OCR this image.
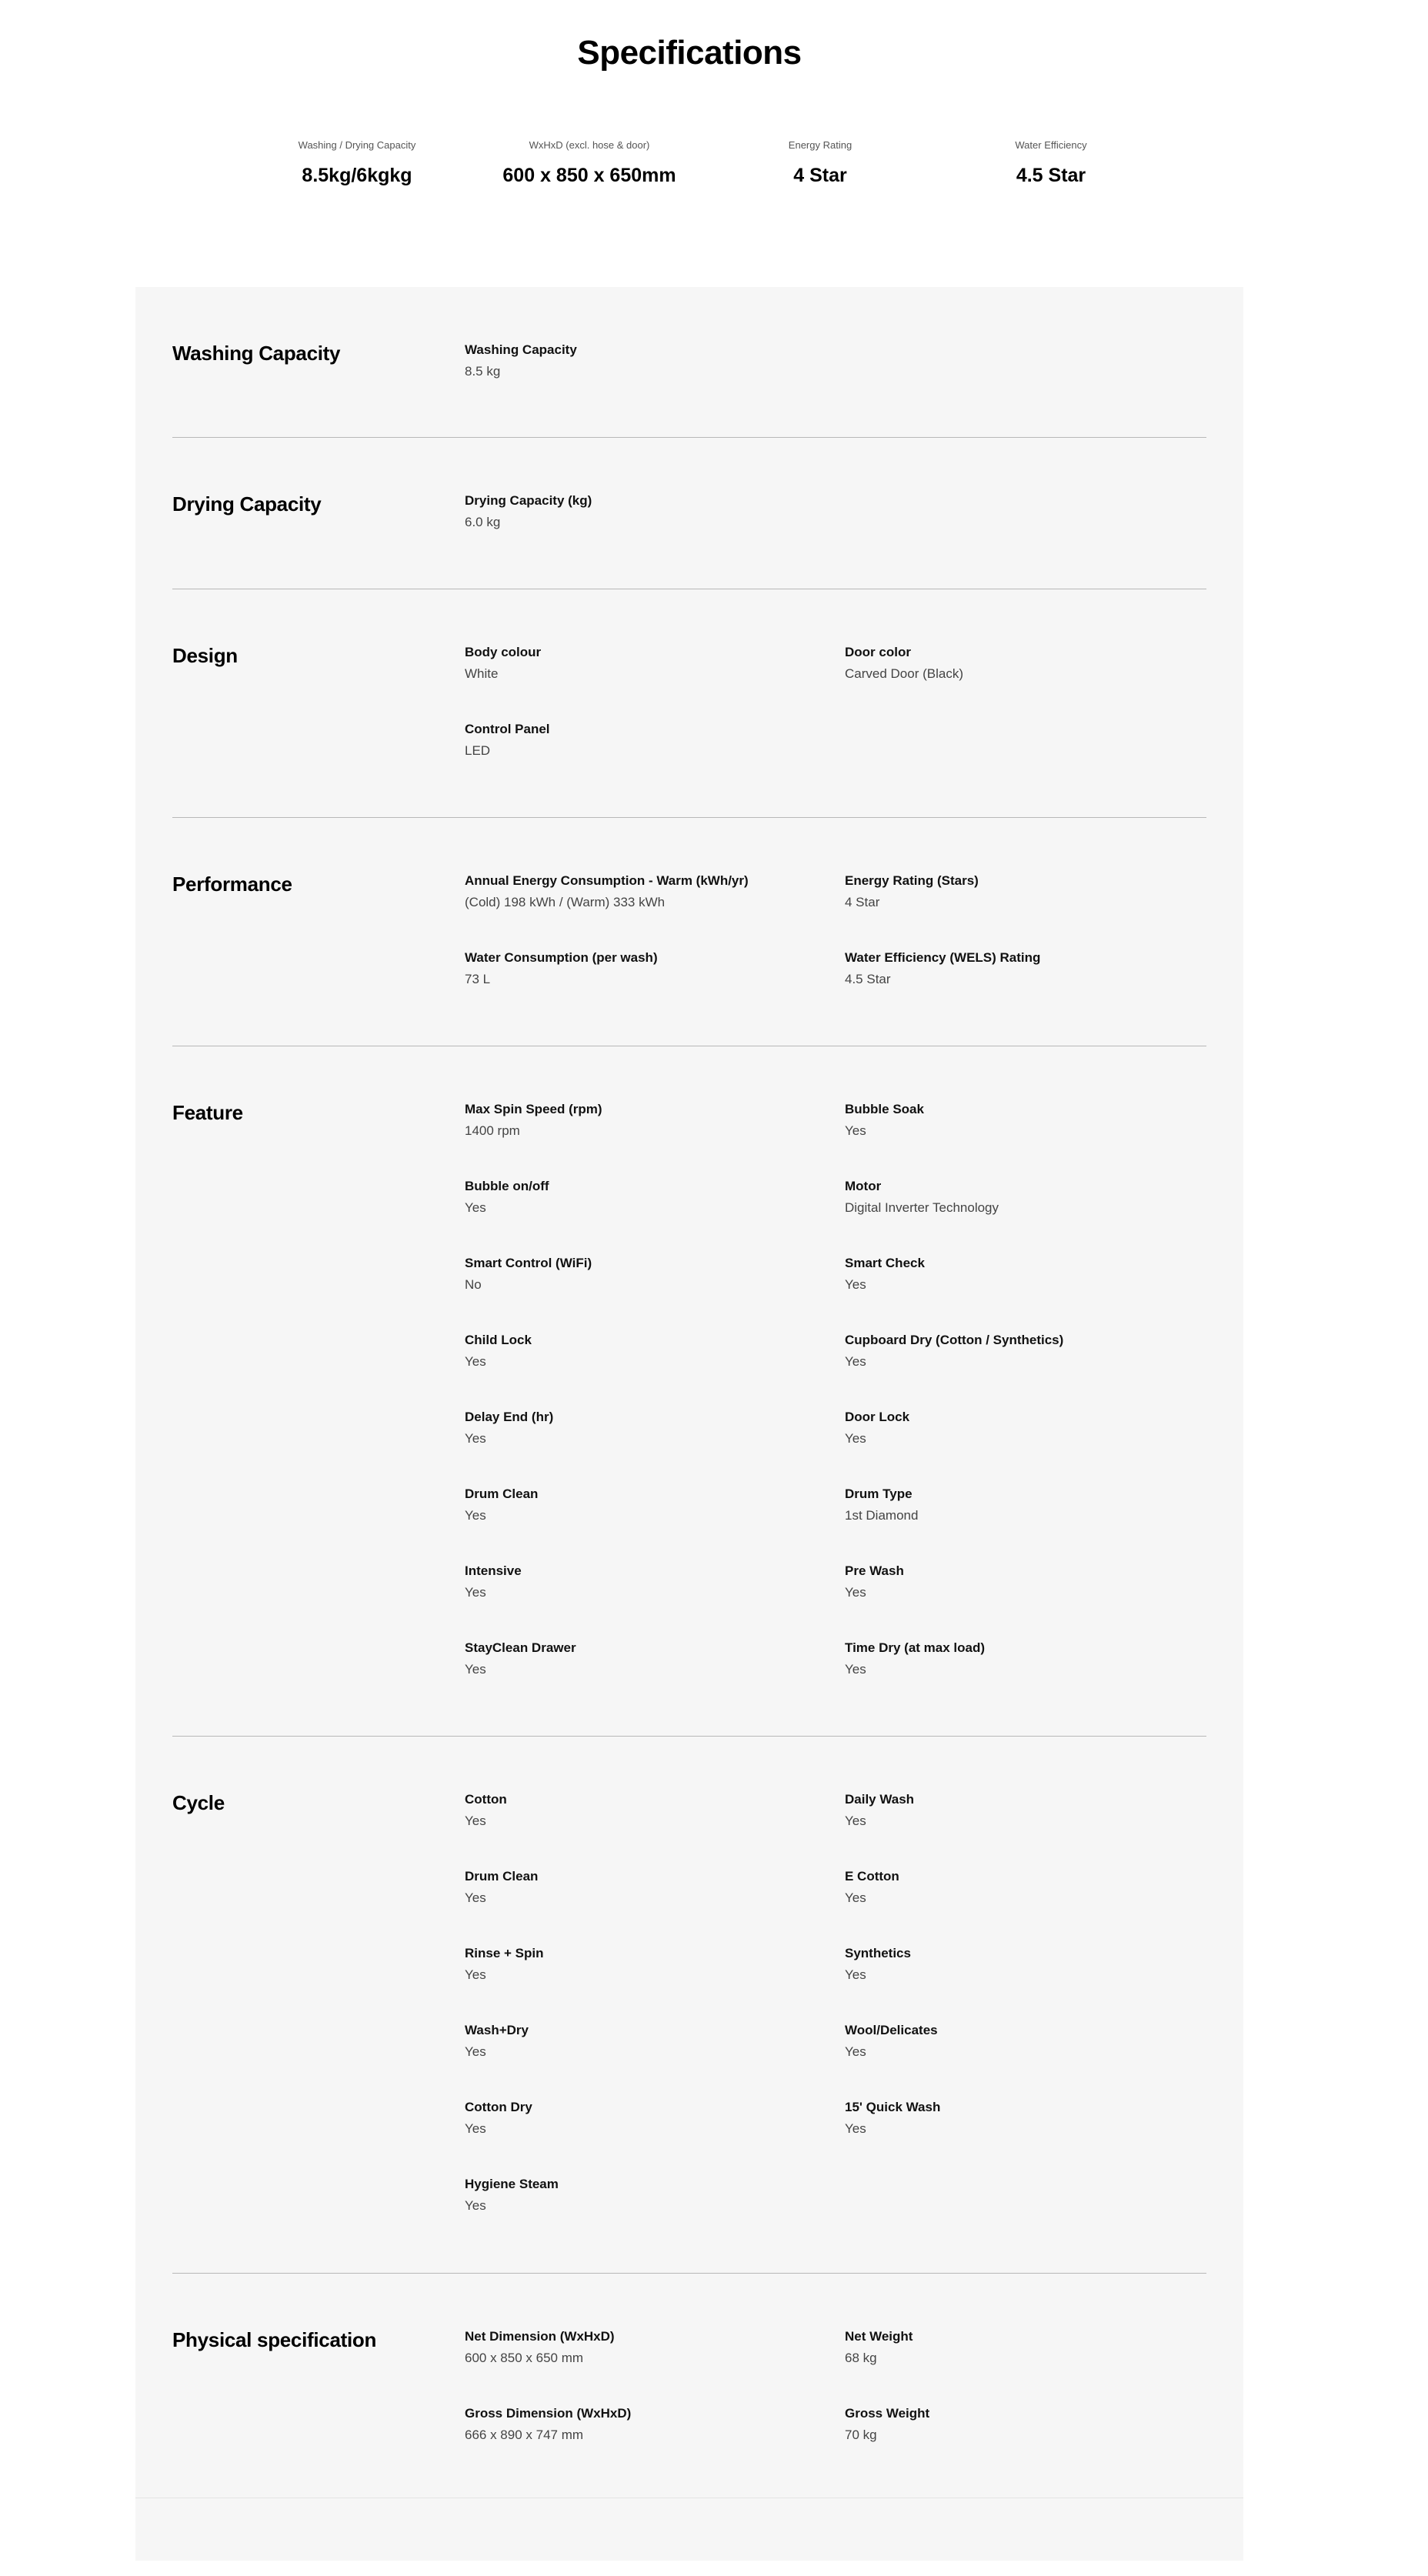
Specifications
Washing / Drying Capacity
8.5kg/6kgkg
WxHxD (excl. hose & door)
600 x 850 x 650mm
Energy Rating
4 Star
Water Efficiency
4.5 Star
Washing Capacity	Washing Capacity
8.5 kg
Drying Capacity	Drying Capacity (kg)
6.0 kg
Design	Body colour
White
Door color
Carved Door (Black)
Control Panel
LED
Performance	Annual Energy Consumption - Warm (kWh/yr)
(Cold) 198 kWh / (Warm) 333 kWh
Energy Rating (Stars)
4 Star
Water Consumption (per wash)
73 L
Water Efficiency (WELS) Rating
4.5 Star
Feature	Max Spin Speed (rpm)
1400 rpm
Bubble Soak
Yes
Bubble on/off
Yes
Motor
Digital Inverter Technology
Smart Control (WiFi)
No
Smart Check
Yes
Child Lock
Yes
Cupboard Dry (Cotton / Synthetics)
Yes
Delay End (hr)
Yes
Door Lock
Yes
Drum Clean
Yes
Drum Type
1st Diamond
Intensive
Yes
Pre Wash
Yes
StayClean Drawer
Yes
Time Dry (at max load)
Yes
Cycle	Cotton
Yes
Daily Wash
Yes
Drum Clean
Yes
E Cotton
Yes
Rinse + Spin
Yes
Synthetics
Yes
Wash+Dry
Yes
Wool/Delicates
Yes
Cotton Dry
Yes
15' Quick Wash
Yes
Hygiene Steam
Yes
Physical specification	Net Dimension (WxHxD)
600 x 850 x 650 mm
Net Weight
68 kg
Gross Dimension (WxHxD)
666 x 890 x 747 mm
Gross Weight
70 kg
